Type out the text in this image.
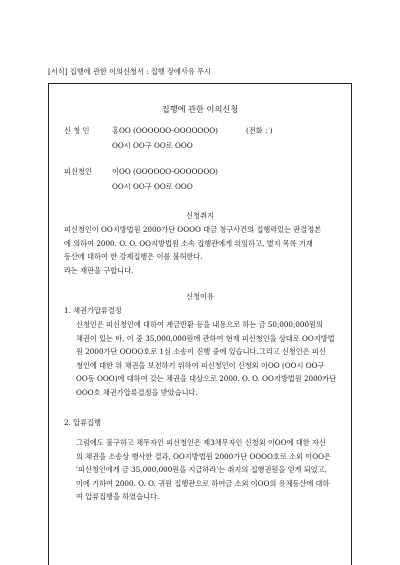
[서식] 집행에 관한 이의신청서 : 집행 장애사유 무시
집행에 관한 이의신청
신 청 인	홍OO (OOOOOO-OOOOOOO)	(전화 : )
OO시 OO구 OO로 OOO
피신청인	이OO (OOOOOO-OOOOOOO)
OO시 OO구 OO로 OOO
신청취지

피신청인이 OO지방법원 2000가단 OOOO 대금 청구사건의 집행력있는 판결정본

에 의하여 2000. O. O. OO지방법원 소속 집행관에게 위임하고, 별지 목록 기재

동산에 대하여 한 강제집행은 이를 불허한다.

라는 재판을 구합니다.

신청이유
1. 채권가압류결정

신청인은 피신청인에 대하여 계금반환 등을 내용으로 하는 금 50,000,000원의

채권이 있는 바, 이 중 35,000,000원에 관하여 현재 피신청인을 상대로 OO지방법

원 2000가단 OOOO호로 1심 소송이 진행 중에 있습니다.그리고 신청인은 피신

청인에 대한 위 채권을 보전하기 위하여 피신청인이 신청외 이OO (OO시 OO구

OO동 OOO)에 대하여 갖는 채권을 대상으로 2000. O. O. OO지방법원 2000카단

OOO호 채권가압류결정을 받았습니다.

2. 압류집행

그럼에도 불구하고 채무자인 피신청인은 제3채무자인 신청외 이OO에 대한 자신

의 채권을 소송상 행사한 결과, OO지방법원 2000가단 OOOO호로 소외 이OO은

'피신청인에게 금 35,000,000원을 지급하라'는 취지의 집행권원을 얻게 되었고,

이에 기하여 2000. O. O. 귀원 집행관으로 하여금 소외 이OO의 유체동산에 대하

여 압류집행을 하였습니다.
